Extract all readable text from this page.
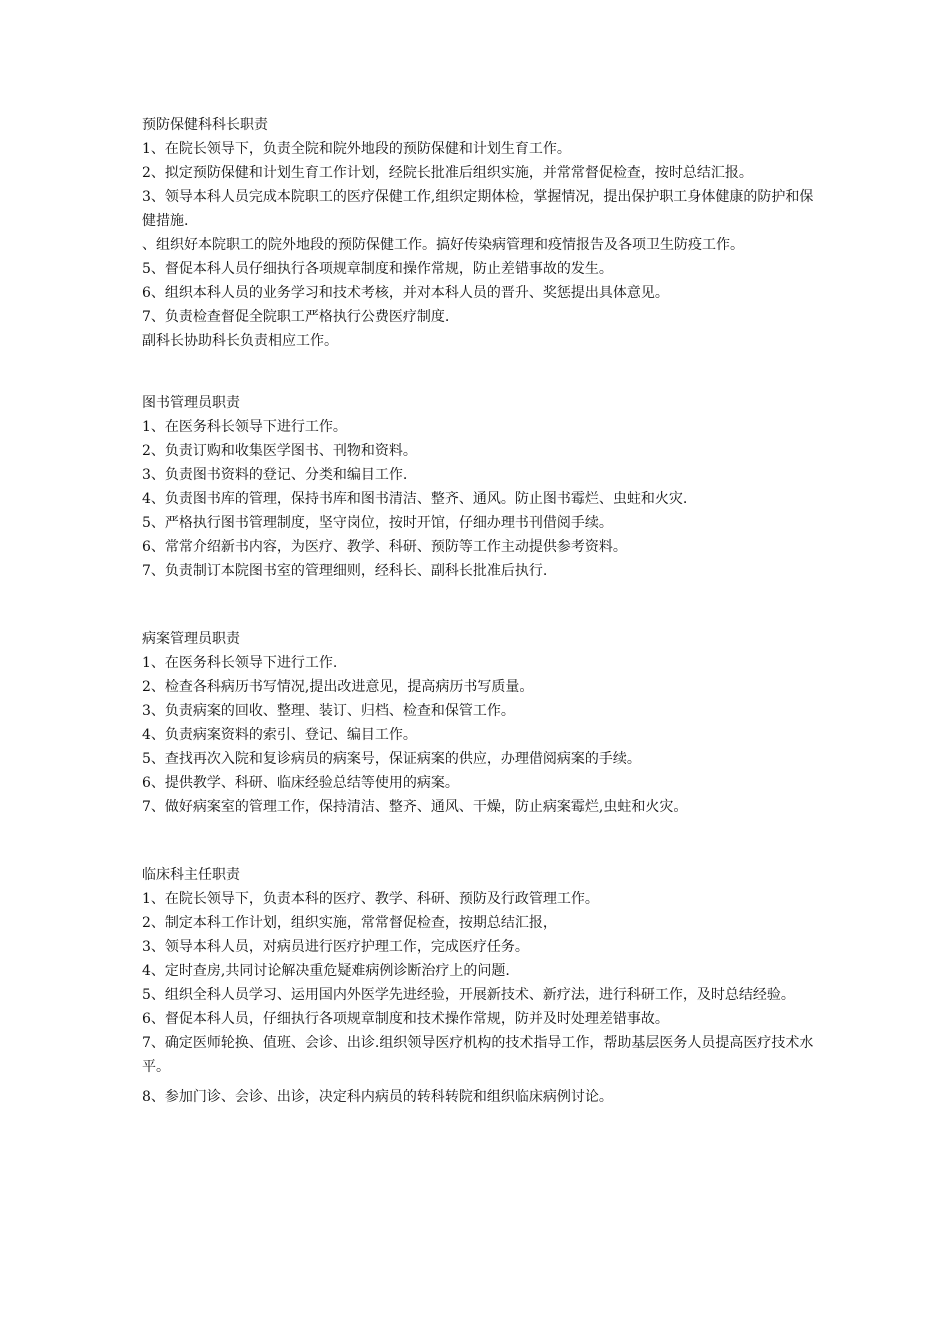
预防保健科科长职责

1、在院长领导下，负责全院和院外地段的预防保健和计划生育工作。

2、拟定预防保健和计划生育工作计划，经院长批准后组织实施，并常常督促检查，按时总结汇报。

3、领导本科人员完成本院职工的医疗保健工作,组织定期体检，掌握情况，提出保护职工身体健康的防护和保健措施.

、组织好本院职工的院外地段的预防保健工作。搞好传染病管理和疫情报告及各项卫生防疫工作。

5、督促本科人员仔细执行各项规章制度和操作常规，防止差错事故的发生。

6、组织本科人员的业务学习和技术考核，并对本科人员的晋升、奖惩提出具体意见。

7、负责检查督促全院职工严格执行公费医疗制度.

副科长协助科长负责相应工作。

图书管理员职责

1、在医务科长领导下进行工作。

2、负责订购和收集医学图书、刊物和资料。

3、负责图书资料的登记、分类和编目工作.

4、负责图书库的管理，保持书库和图书清洁、整齐、通风。防止图书霉烂、虫蛀和火灾.

5、严格执行图书管理制度，坚守岗位，按时开馆，仔细办理书刊借阅手续。

6、常常介绍新书内容，为医疗、教学、科研、预防等工作主动提供参考资料。

7、负责制订本院图书室的管理细则，经科长、副科长批准后执行.

病案管理员职责

1、在医务科长领导下进行工作.

2、检查各科病历书写情况,提出改进意见，提高病历书写质量。

3、负责病案的回收、整理、装订、归档、检查和保管工作。

4、负责病案资料的索引、登记、编目工作。

5、查找再次入院和复诊病员的病案号，保证病案的供应，办理借阅病案的手续。

6、提供教学、科研、临床经验总结等使用的病案。

7、做好病案室的管理工作，保持清洁、整齐、通风、干燥，防止病案霉烂,虫蛀和火灾。

临床科主任职责

1、在院长领导下，负责本科的医疗、教学、科研、预防及行政管理工作。

2、制定本科工作计划，组织实施，常常督促检查，按期总结汇报，

3、领导本科人员，对病员进行医疗护理工作，完成医疗任务。

4、定时查房,共同讨论解决重危疑难病例诊断治疗上的问题.

5、组织全科人员学习、运用国内外医学先进经验，开展新技术、新疗法，进行科研工作，及时总结经验。

6、督促本科人员，仔细执行各项规章制度和技术操作常规，防并及时处理差错事故。

7、确定医师轮换、值班、会诊、出诊.组织领导医疗机构的技术指导工作，帮助基层医务人员提高医疗技术水平。

8、参加门诊、会诊、出诊，决定科内病员的转科转院和组织临床病例讨论。
